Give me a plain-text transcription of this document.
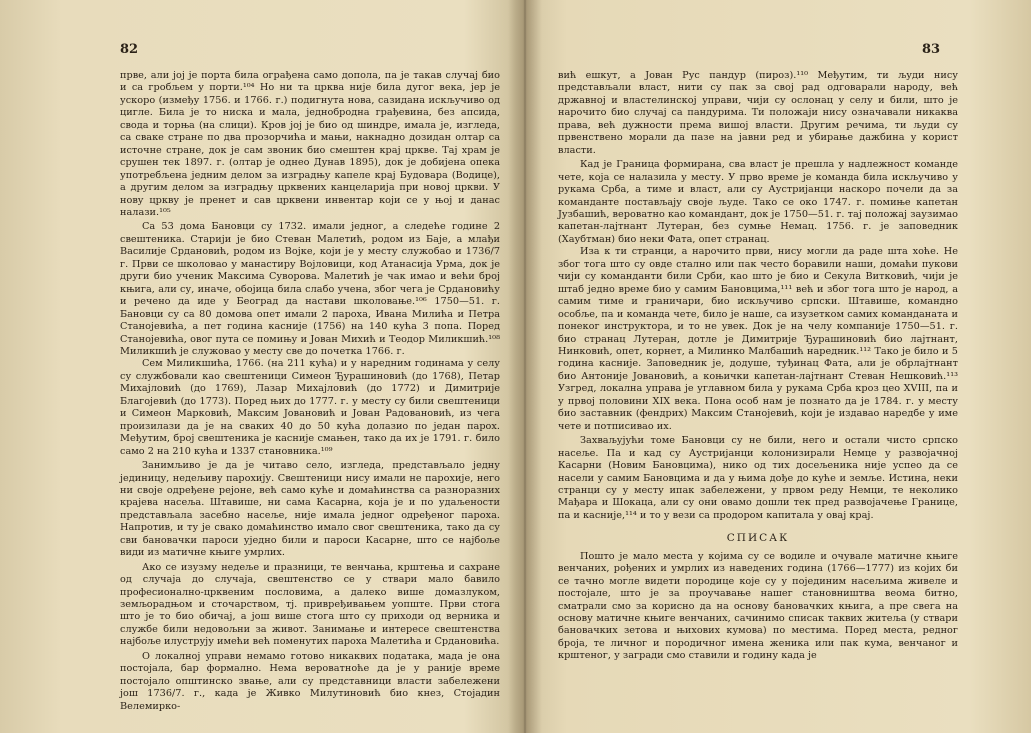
82

прве, али јој је порта била ограђена само дополa, па је такав случај био и са гробљем у порти.¹⁰⁴ Но ни та црква није била дугог века, јер је ускоро (између 1756. и 1766. г.) подигнута нова, сазидана искључиво од цигле. Била је то ниска и мала, једнобродна грађевина, без апсида, свода и торња (на слици). Кров јој је био од шиндре, имала је, изгледа, са сваке стране по два прозорчића и мањи, накнадно дозидан олтар са источне стране, док је сам звоник био смештен крај цркве. Тај храм је срушен тек 1897. г. (олтар је однео Дунав 1895), док је добијена опека употребљена једним делом за изградњу капеле крај Будовара (Водице), а другим делом за изградњу црквених канцеларија при новој цркви. У нову цркву је пренет и сав црквени инвентар који се у њој и данас налази.¹⁰⁵

Са 53 дома Бановци су 1732. имали једног, а следеће године 2 свештеника. Старији је био Стеван Малетић, родом из Баје, а млађи Василије Срдановић, родом из Војке, који је у месту служобао и 1736/7 г. Први се школовао у манастиру Војловици, код Атанасија Урма, док је други био ученик Максима Суворова. Малетић је чак имао и већи број књига, али су, иначе, обојица била слабо учена, због чега је Срдановићу и речено да иде у Београд да настави школовање.¹⁰⁶ 1750—51. г. Бановци су са 80 домова опет имали 2 пароха, Ивана Милића и Петра Станојевића, а пет година касније (1756) на 140 кућа 3 попа. Поред Станојевића, овог пута се помињу и Јован Михић и Теодор Миликшић.¹⁰⁸ Миликшић је служовао у месту све до почетка 1766. г.

Сем Миликшића, 1766. (на 211 кућа) и у наредним годинама у селу су службовали као свештеници Симеон Ђурашиновић (до 1768), Петар Михајловић (до 1769), Лазар Михајловић (до 1772) и Димитрије Благојевић (до 1773). Поред њих до 1777. г. у месту су били свештеници и Симеон Марковић, Максим Јовановић и Јован Радовановић, из чега произилази да је на сваких 40 до 50 кућа долазио по један парох. Међутим, број свештеника је касније смањен, тако да их је 1791. г. било само 2 на 210 кућа и 1337 становника.¹⁰⁹

Занимљиво је да је читаво село, изгледа, представљало једну јединицу, недељиву парохију. Свештеници нису имали не парохије, него ни своје одређене рејоне, већ само куће и домаћинства са разноразних крајева насеља. Штавише, ни сама Касарна, која је и по удаљености представљала засебно насеље, није имала једног одређеног пароха. Напротив, и ту је свако домаћинство имало свог свештеника, тако да су сви бановачки пароси уједно били и пароси Касарне, што се најбоље види из матичне књиге умрлих.

Ако се изузму недеље и празници, те венчања, крштења и сахране од случаја до случаја, свештенство се у ствари мало бавило професионално-црквеним пословима, а далеко више домазлуком, земљорадњом и сточарством, тј. привређивањем уопште. Први стога што је то био обичај, а још више стога што су приходи од верника и службе били недовољни за живот. Занимање и интересе свештенства најбоље илуструју имећи већ поменутих пароха Малетића и Срдановића.

О локалној управи немамо готово никаквих података, мада је она постојала, бар формално. Нема вероватноће да је у раније време постојало општинско звање, али су представници власти забележени још 1736/7. г., када је Живко Милутиновић био кнез, Стојадин Велемирко-

83

вић ешкут, а Јован Рус пандур (пироз).¹¹⁰ Међутим, ти људи нису представљали власт, нити су пак за свој рад одговарали народу, већ државној и властелинској управи, чији су ослонац у селу и били, што је нарочито био случај са пандурима. Ти положаји нису означавали никаква права, већ дужности према вишој власти. Другим речима, ти људи су првенствено морали да пазе на јавни ред и убирање дажбина у корист власти.

Кад је Граница формирана, сва власт је прешла у надлежност команде чете, која се налазила у месту. У прво време је команда била искључиво у рукама Срба, а тиме и власт, али су Аустријанци наскоро почели да за команданте постављају своје људе. Тако се око 1747. г. помиње капетан Јузбашић, вероватно као командант, док је 1750—51. г. тај положај заузимао капетан-лајтнант Лутеран, без сумње Немац. 1756. г. је заповедник (Хаубтман) био неки Фата, опет странац.

Иза к ти странци, а нарочито први, нису могли да раде шта хоће. Не због тога што су овде стално или пак често боравили наши, домаћи пукови чији су команданти били Срби, као што је био и Секула Витковић, чији је штаб једно време био у самим Бановцима,¹¹¹ већ и због тога што је народ, а самим тиме и граничари, био искључиво српски. Штавише, командно особље, па и команда чете, било је наше, са изузетком самих команданата и понеког инструктора, и то не увек. Док је на челу компаније 1750—51. г. био странац Лутеран, дотле је Димитрије Ђурашиновић био лајтнант, Нинковић, опет, корнет, а Милинко Малбашић наредник.¹¹² Тако је било и 5 година касније. Заповедник је, додуше, туђинац Фата, али је обрлајтнант био Антоније Јовановић, а коњички капетан-лајтнант Стеван Нешковић.¹¹³ Узгред, локална управа је углавном била у рукама Срба кроз цео XVIII, па и у првој половини XIX века. Пона особ нам је познато да је 1784. г. у месту био заставник (фендрих) Максим Станојевић, који је издавао наредбе у име чете и потписивао их.

Захваљујући томе Бановци су не били, него и остали чисто српско насеље. Па и кад су Аустријанци колонизирали Немце у развојачној Касарни (Новим Бановцима), нико од тих досељеника није успео да се насели у самим Бановцима и да у њима дође до куће и земље. Истина, неки странци су у месту ипак забележени, у првом реду Немци, те неколико Мађара и Шокаца, али су они овамо дошли тек пред развојачење Границе, па и касније,¹¹⁴ и то у вези са продором капитала у овај крај.

СПИСАК

Пошто је мало места у којима су се водиле и очувале матичне књиге венчаних, рођених и умрлих из наведених година (1766—1777) из којих би се тачно могле видети породице које су у појединим насељима живеле и постојале, што је за проучавање нашег становништва веома битно, сматрали смо за корисно да на основу бановачких књига, а пре свега на основу матичне књиге венчаних, сачинимо списак таквих житеља (у ствари бановачких зетова и њихових кумова) по местима. Поред места, редног броја, те личног и породичног имена женика или пак кума, венчаног и крштеног, у загради смо ставили и годину када је
